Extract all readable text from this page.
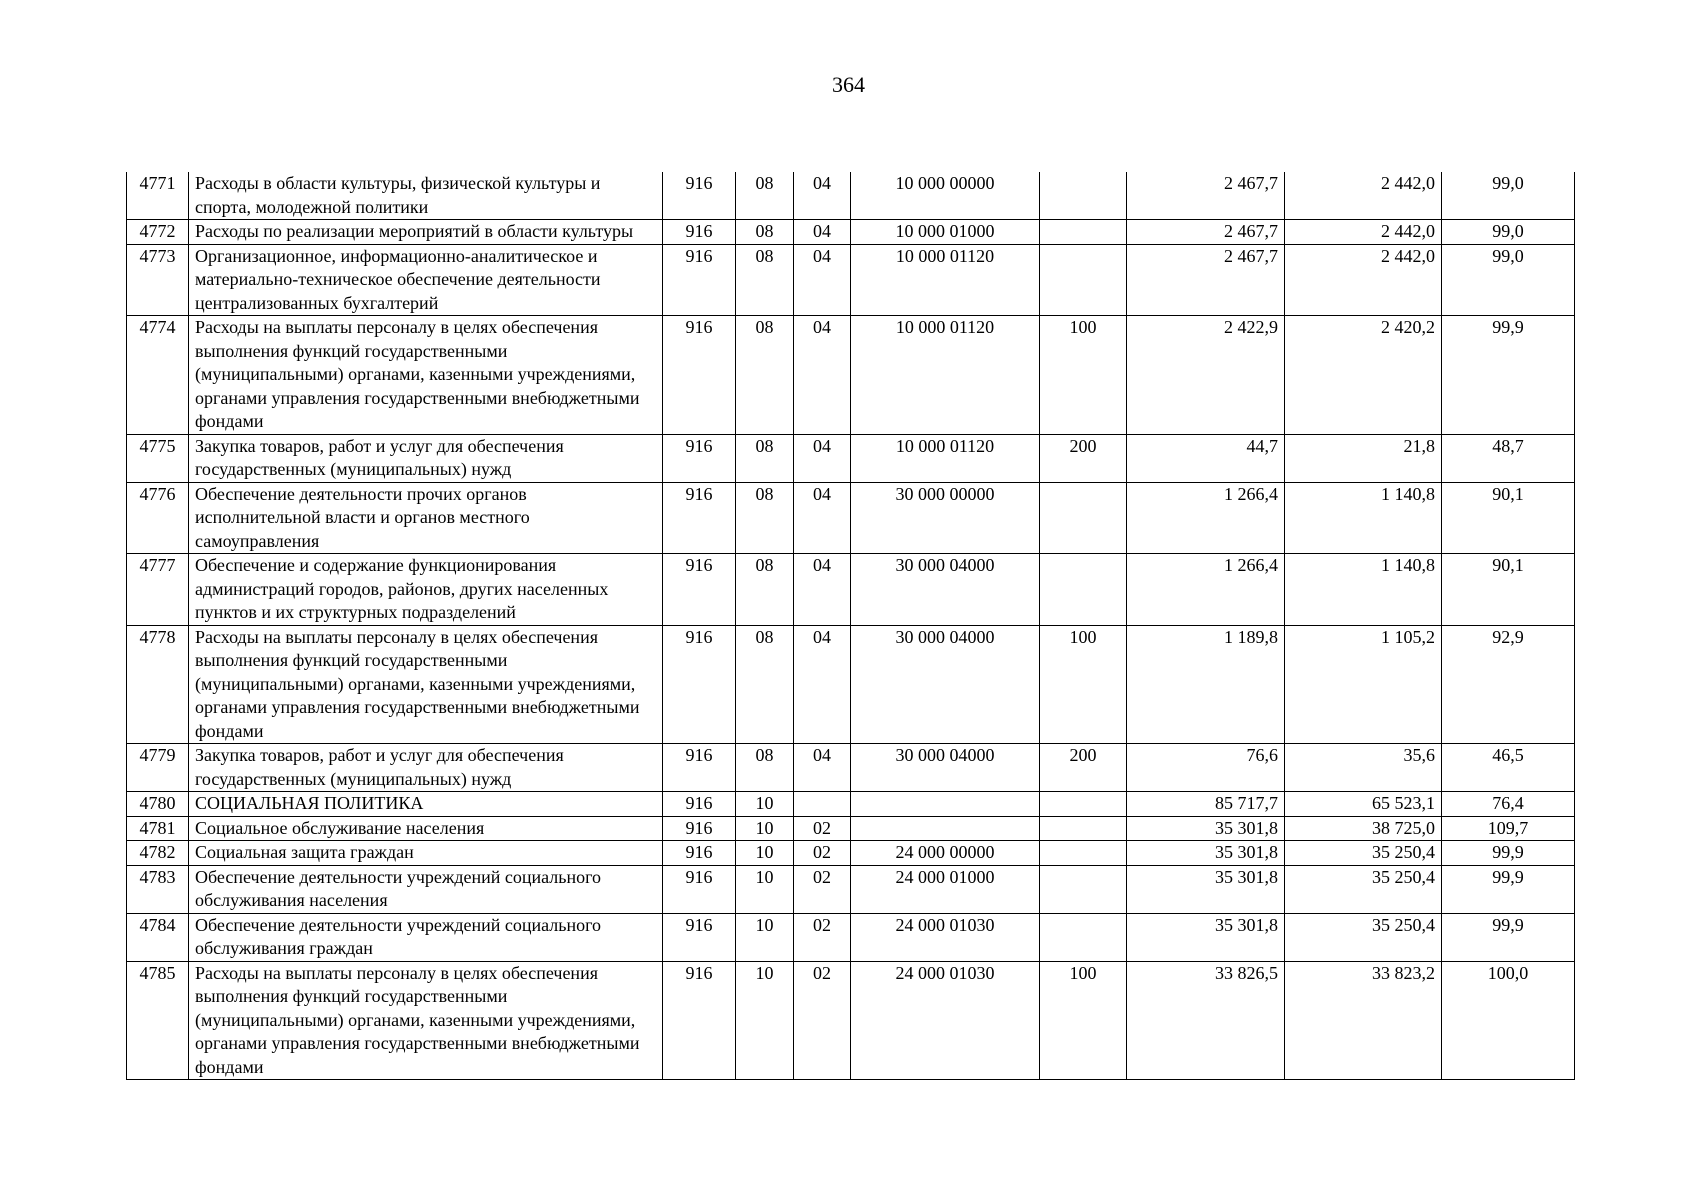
364
4771	Расходы в области культуры, физической культуры и спорта, молодежной политики	916	08	04	10 000 00000		2 467,7	2 442,0	99,0
4772	Расходы по реализации мероприятий в области культуры	916	08	04	10 000 01000		2 467,7	2 442,0	99,0
4773	Организационное, информационно-аналитическое и материально-техническое обеспечение деятельности централизованных бухгалтерий	916	08	04	10 000 01120		2 467,7	2 442,0	99,0
4774	Расходы на выплаты персоналу в целях обеспечения выполнения функций государственными (муниципальными) органами, казенными учреждениями, органами управления государственными внебюджетными фондами	916	08	04	10 000 01120	100	2 422,9	2 420,2	99,9
4775	Закупка товаров, работ и услуг для обеспечения государственных (муниципальных) нужд	916	08	04	10 000 01120	200	44,7	21,8	48,7
4776	Обеспечение деятельности прочих органов исполнительной власти и органов местного самоуправления	916	08	04	30 000 00000		1 266,4	1 140,8	90,1
4777	Обеспечение и содержание функционирования администраций городов, районов, других населенных пунктов и их структурных подразделений	916	08	04	30 000 04000		1 266,4	1 140,8	90,1
4778	Расходы на выплаты персоналу в целях обеспечения выполнения функций государственными (муниципальными) органами, казенными учреждениями, органами управления государственными внебюджетными фондами	916	08	04	30 000 04000	100	1 189,8	1 105,2	92,9
4779	Закупка товаров, работ и услуг для обеспечения государственных (муниципальных) нужд	916	08	04	30 000 04000	200	76,6	35,6	46,5
4780	СОЦИАЛЬНАЯ ПОЛИТИКА	916	10				85 717,7	65 523,1	76,4
4781	Социальное обслуживание населения	916	10	02			35 301,8	38 725,0	109,7
4782	Социальная защита граждан	916	10	02	24 000 00000		35 301,8	35 250,4	99,9
4783	Обеспечение деятельности учреждений социального обслуживания населения	916	10	02	24 000 01000		35 301,8	35 250,4	99,9
4784	Обеспечение деятельности учреждений социального обслуживания граждан	916	10	02	24 000 01030		35 301,8	35 250,4	99,9
4785	Расходы на выплаты персоналу в целях обеспечения выполнения функций государственными (муниципальными) органами, казенными учреждениями, органами управления государственными внебюджетными фондами	916	10	02	24 000 01030	100	33 826,5	33 823,2	100,0
